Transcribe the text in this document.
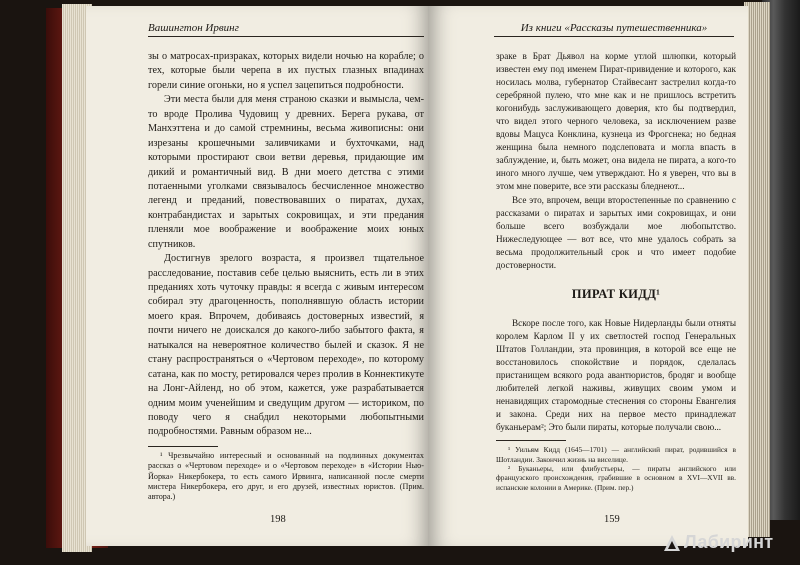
Вашингтон Ирвинг

зы о матросах-призраках, которых видели ночью на корабле; о тех, которые были черепа в их пустых глазных впадинах горели синие огоньки, но я успел зацепиться подробности.

Эти места были для меня страною сказки и вымысла, чем-то вроде Пролива Чудовищ у древних. Берега рукава, от Манхэттена и до самой стремнины, весьма живописны: они изрезаны крошечными заливчиками и бухточками, над которыми простирают свои ветви деревья, придающие им дикий и романтичный вид. В дни моего детства с этими потаенными уголками связывалось бесчисленное множество легенд и преданий, повествовавших о пиратах, духах, контрабандистах и зарытых сокровищах, и эти предания пленяли мое воображение и воображение моих юных спутников.

Достигнув зрелого возраста, я произвел тщательное расследование, поставив себе целью выяснить, есть ли в этих преданиях хоть чуточку правды: я всегда с живым интересом собирал эту драгоценность, пополнявшую область истории моего края. Впрочем, добиваясь достоверных известий, я почти ничего не доискался до какого-либо забытого факта, я натыкался на невероятное количество былей и сказок. Я не стану распространяться о «Чертовом переходе», по которому сатана, как по мосту, ретировался через пролив в Коннектикуте на Лонг-Айленд, но об этом, кажется, уже разрабатывается одним моим ученейшим и сведущим другом — историком, по поводу чего я снабдил некоторыми любопытными подробностями. Равным образом не...

¹ Чрезвычайно интересный и основанный на подлинных документах рассказ о «Чертовом переходе» и о «Чертовом переходе» в «Истории Нью-Йорка» Никербокера, то есть самого Ирвинга, написанной после смерти мистера Никербокера, его друг, и его друзей, известных юристов. (Прим. автора.)

198
Из книги «Рассказы путешественника»

зраке в Брат Дьявол на корме утлой шлюпки, который известен ему под именем Пират-привидение и которого, как носилась молва, губернатор Стайвесант застрелил когда-то серебряной пулею, что мне как и не пришлось встретить когонибудь заслуживающего доверия, кто бы подтвердил, что видел этого черного человека, за исключением разве вдовы Мацуса Конклина, кузнеца из Фрогснека; но бедная женщина была немного подслеповата и могла впасть в заблуждение, и, быть может, она видела не пирата, а кого-то иного много лучше, чем утверждают. Но я уверен, что вы в этом мне поверите, все эти рассказы бледнеют...

Все это, впрочем, вещи второстепенные по сравнению с рассказами о пиратах и зарытых ими сокровищах, и они больше всего возбуждали мое любопытство. Нижеследующее — вот все, что мне удалось собрать за весьма продолжительный срок и что имеет подобие достоверности.

ПИРАТ КИДД¹

Вскоре после того, как Новые Нидерланды были отняты королем Карлом II у их светлостей господ Генеральных Штатов Голландии, эта провинция, в которой все еще не восстановилось спокойствие и порядок, сделалась пристанищем всякого рода авантюристов, бродяг и вообще любителей легкой наживы, живущих своим умом и ненавидящих старомодные стеснения со стороны Евангелия и закона. Среди них на первое место принадлежат буканьерам²; Это были пираты, которые получали свою...

¹ Уильям Кидд (1645—1701) — английский пират, родившийся в Шотландии. Закончил жизнь на виселице.

² Буканьеры, или флибустьеры, — пираты английского или французского происхождения, грабившие в основном в XVI—XVII вв. испанские колонии в Америке. (Прим. пер.)

159
Лабиринт
